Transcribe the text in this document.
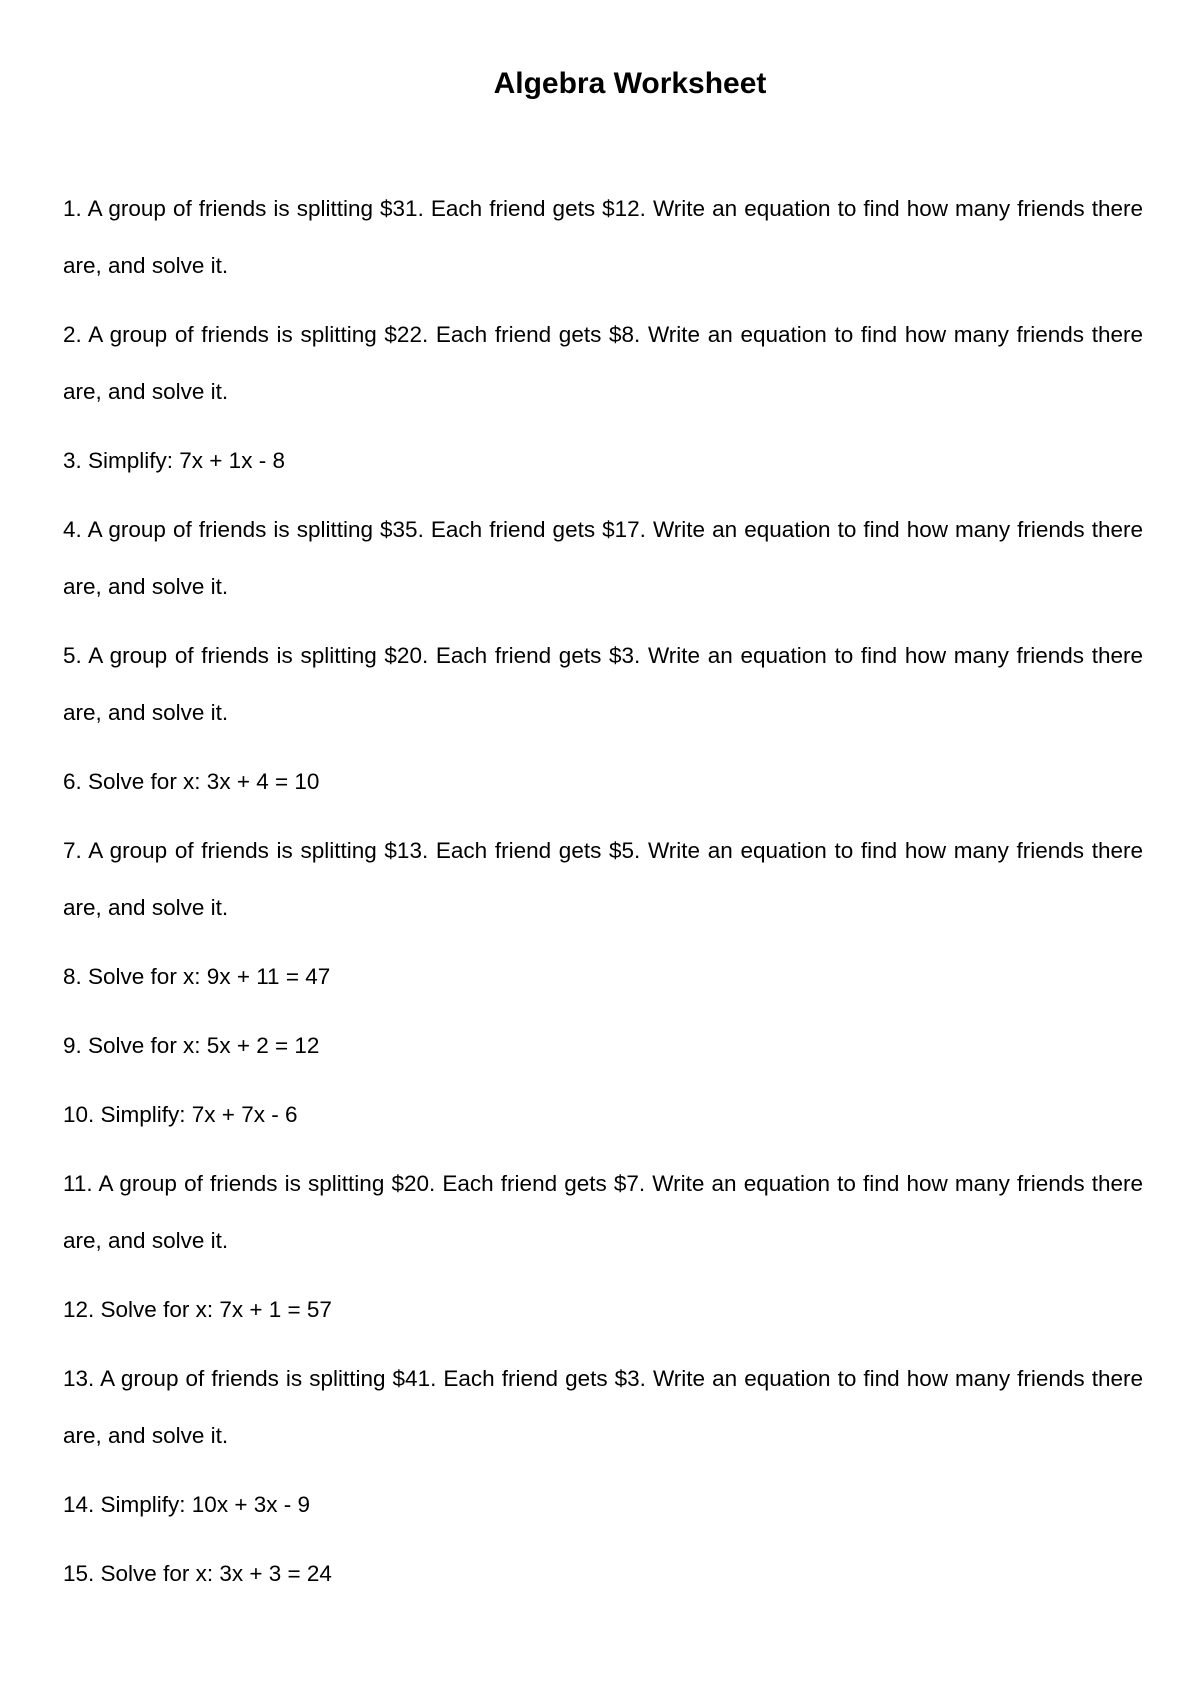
Algebra Worksheet
1. A group of friends is splitting $31. Each friend gets $12. Write an equation to find how many friends there are, and solve it.
2. A group of friends is splitting $22. Each friend gets $8. Write an equation to find how many friends there are, and solve it.
3. Simplify: 7x + 1x - 8
4. A group of friends is splitting $35. Each friend gets $17. Write an equation to find how many friends there are, and solve it.
5. A group of friends is splitting $20. Each friend gets $3. Write an equation to find how many friends there are, and solve it.
6. Solve for x: 3x + 4 = 10
7. A group of friends is splitting $13. Each friend gets $5. Write an equation to find how many friends there are, and solve it.
8. Solve for x: 9x + 11 = 47
9. Solve for x: 5x + 2 = 12
10. Simplify: 7x + 7x - 6
11. A group of friends is splitting $20. Each friend gets $7. Write an equation to find how many friends there are, and solve it.
12. Solve for x: 7x + 1 = 57
13. A group of friends is splitting $41. Each friend gets $3. Write an equation to find how many friends there are, and solve it.
14. Simplify: 10x + 3x - 9
15. Solve for x: 3x + 3 = 24
